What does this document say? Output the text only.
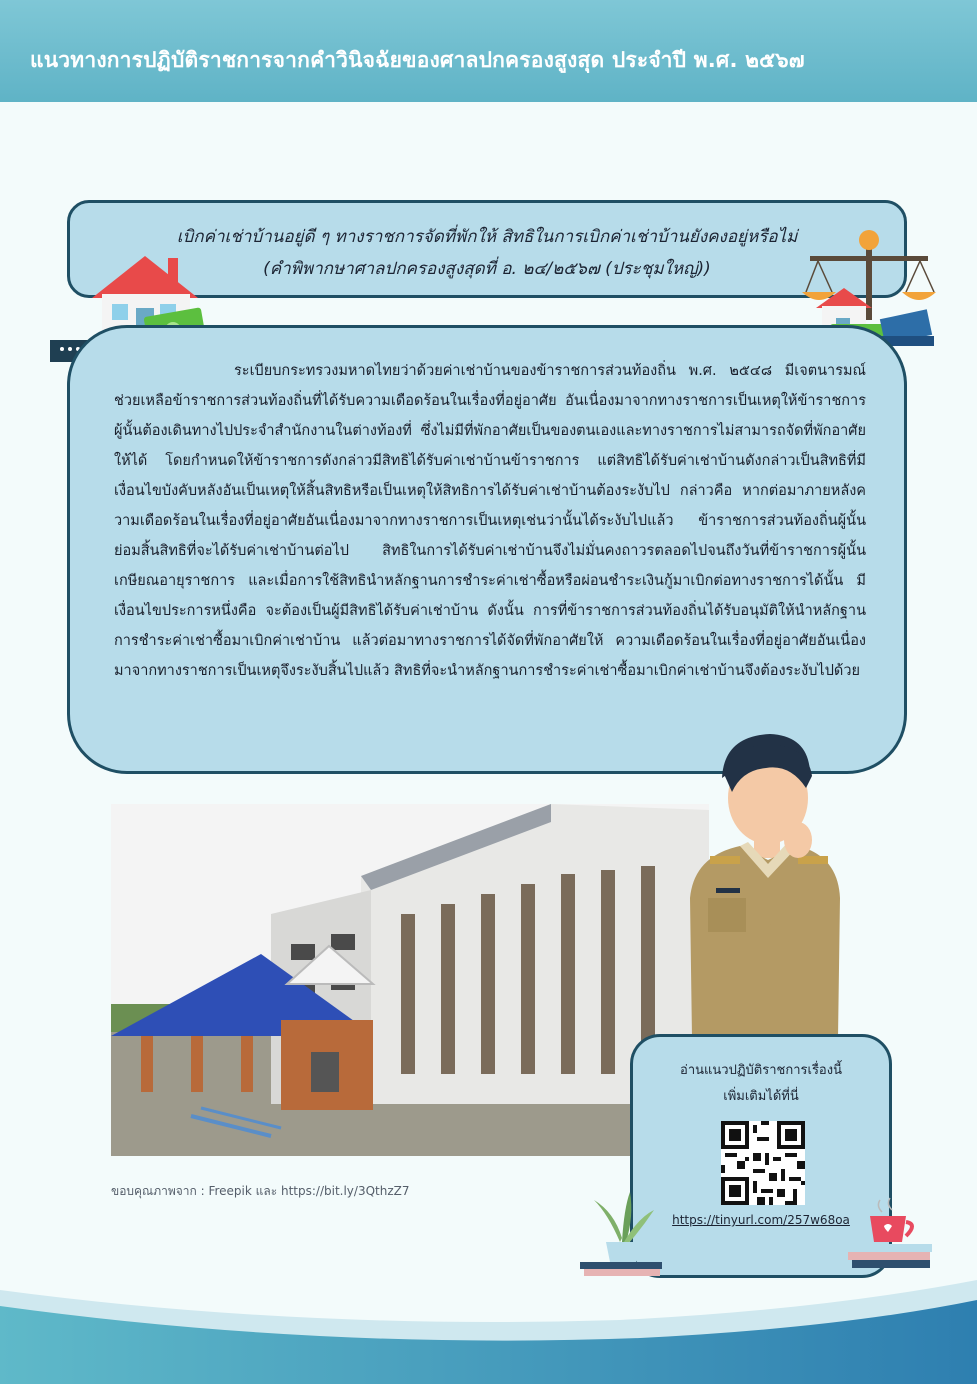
แนวทางการปฏิบัติราชการจากคำวินิจฉัยของศาลปกครองสูงสุด ประจำปี พ.ศ. ๒๕๖๗
เบิกค่าเช่าบ้านอยู่ดี ๆ ทางราชการจัดที่พักให้ สิทธิในการเบิกค่าเช่าบ้านยังคงอยู่หรือไม่
(คำพิพากษาศาลปกครองสูงสุดที่ อ. ๒๔/๒๕๖๗ (ประชุมใหญ่))
ระเบียบกระทรวงมหาดไทยว่าด้วยค่าเช่าบ้านของข้าราชการส่วนท้องถิ่น พ.ศ. ๒๕๔๘ มีเจตนารมณ์ช่วยเหลือข้าราชการส่วนท้องถิ่นที่ได้รับความเดือดร้อนในเรื่องที่อยู่อาศัย อันเนื่องมาจากทางราชการเป็นเหตุให้ข้าราชการผู้นั้นต้องเดินทางไปประจำสำนักงานในต่างท้องที่ ซึ่งไม่มีที่พักอาศัยเป็นของตนเองและทางราชการไม่สามารถจัดที่พักอาศัยให้ได้ โดยกำหนดให้ข้าราชการดังกล่าวมีสิทธิได้รับค่าเช่าบ้านข้าราชการ แต่สิทธิได้รับค่าเช่าบ้านดังกล่าวเป็นสิทธิที่มีเงื่อนไขบังคับหลังอันเป็นเหตุให้สิ้นสิทธิหรือเป็นเหตุให้สิทธิการได้รับค่าเช่าบ้านต้องระงับไป กล่าวคือ หากต่อมาภายหลังความเดือดร้อนในเรื่องที่อยู่อาศัยอันเนื่องมาจากทางราชการเป็นเหตุเช่นว่านั้นได้ระงับไปแล้ว ข้าราชการส่วนท้องถิ่นผู้นั้นย่อมสิ้นสิทธิที่จะได้รับค่าเช่าบ้านต่อไป สิทธิในการได้รับค่าเช่าบ้านจึงไม่มั่นคงถาวรตลอดไปจนถึงวันที่ข้าราชการผู้นั้นเกษียณอายุราชการ และเมื่อการใช้สิทธินำหลักฐานการชำระค่าเช่าซื้อหรือผ่อนชำระเงินกู้มาเบิกต่อทางราชการได้นั้น มีเงื่อนไขประการหนึ่งคือ จะต้องเป็นผู้มีสิทธิได้รับค่าเช่าบ้าน ดังนั้น การที่ข้าราชการส่วนท้องถิ่นได้รับอนุมัติให้นำหลักฐานการชำระค่าเช่าซื้อมาเบิกค่าเช่าบ้าน แล้วต่อมาทางราชการได้จัดที่พักอาศัยให้ ความเดือดร้อนในเรื่องที่อยู่อาศัยอันเนื่องมาจากทางราชการเป็นเหตุจึงระงับสิ้นไปแล้ว สิทธิที่จะนำหลักฐานการชำระค่าเช่าซื้อมาเบิกค่าเช่าบ้านจึงต้องระงับไปด้วย
ขอบคุณภาพจาก : Freepik และ https://bit.ly/3QthzZ7
อ่านแนวปฏิบัติราชการเรื่องนี้
เพิ่มเติมได้ที่นี่
https://tinyurl.com/257w68oa
